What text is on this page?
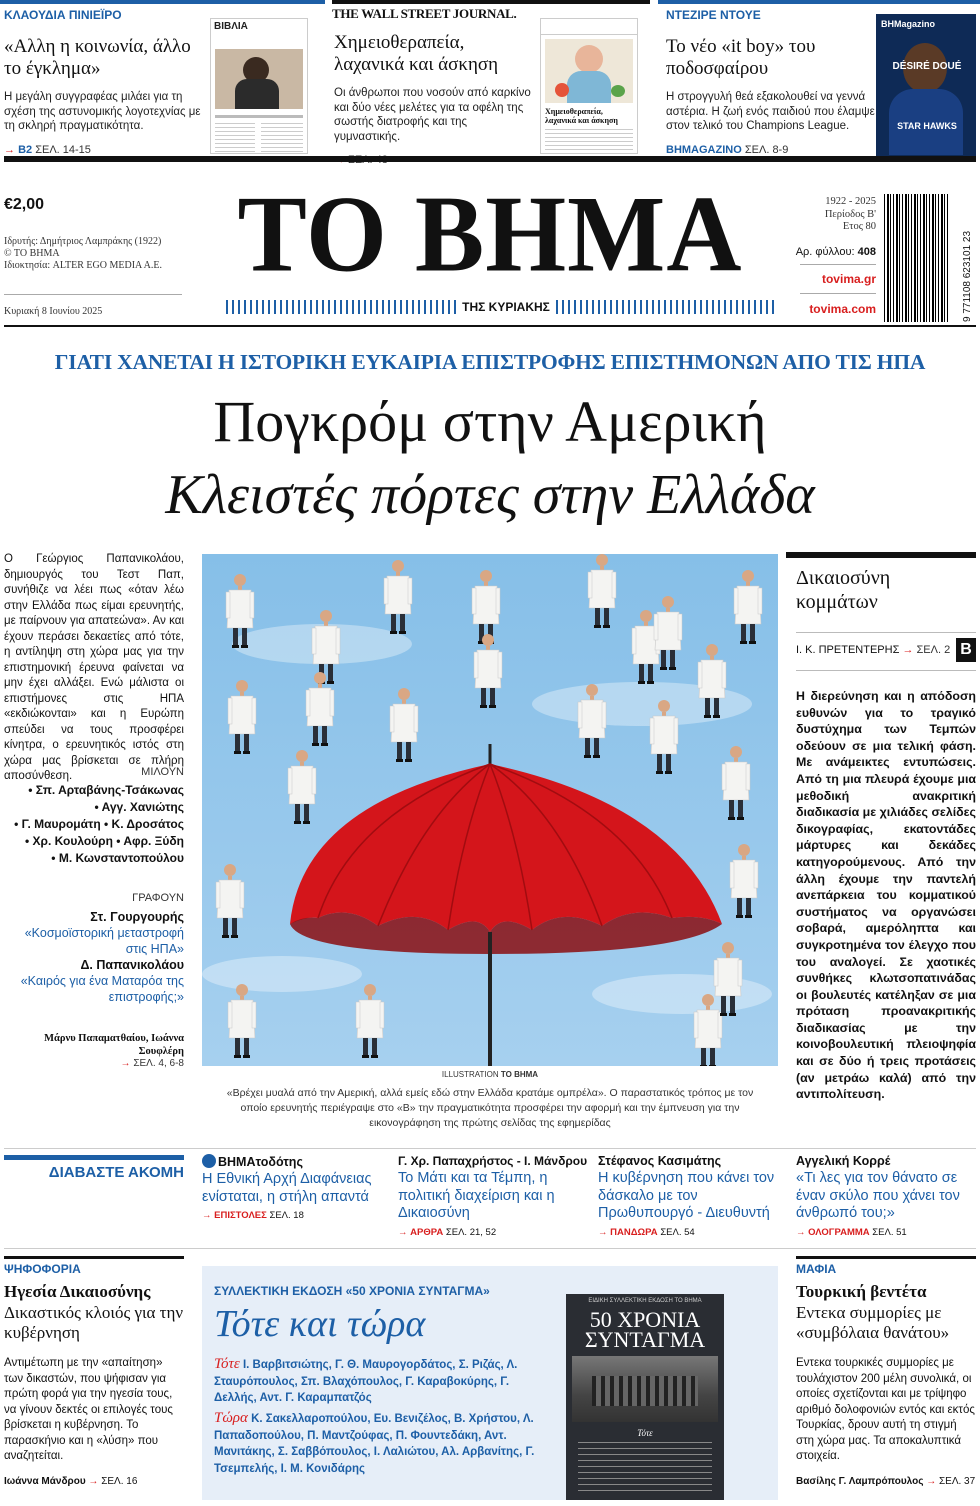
ΚΛΑΟΥΔΙΑ ΠΙΝΙΕΪΡΟ
«Αλλη η κοινωνία, άλλο το έγκλημα»
Η μεγάλη συγγραφέας μιλάει για τη σχέση της αστυνομικής λογοτεχνίας με τη σκληρή πραγματικότητα.
→ Β2 ΣΕΛ. 14-15
ΒΙΒΛΙΑ
THE WALL STREET JOURNAL.
Χημειοθεραπεία, λαχανικά και άσκηση
Οι άνθρωποι που νοσούν από καρκίνο και δύο νέες μελέτες για τα οφέλη της σωστής διατροφής και της γυμναστικής.
Χημειοθεραπεία, λαχανικά και άσκηση
ΝΤΕΖΙΡΕ ΝΤΟΥΕ
Το νέο «it boy» του ποδοσφαίρου
Η στρογγυλή θεά εξακολουθεί να γεννά αστέρια. Η ζωή ενός παιδιού που έλαμψε στον τελικό του Champions League.
BHMAGAZINO ΣΕΛ. 8-9
BHMagazino
DÉSIRÉ DOUÉ
STAR HAWKS
€2,00
Ιδρυτής: Δημήτριος Λαμπράκης (1922)
© ΤΟ ΒΗΜΑ
Ιδιοκτησία: ALTER EGO MEDIA A.E.
Κυριακή 8 Ιουνίου 2025
ΤΟ ΒΗΜΑ
ΤΗΣ ΚΥΡΙΑΚΗΣ
1922 - 2025
Περίοδος Β'
Ετος 80
Αρ. φύλλου: 408
tovima.gr
tovima.com	9 771108 623101 23
ΓΙΑΤΙ ΧΑΝΕΤΑΙ Η ΙΣΤΟΡΙΚΗ ΕΥΚΑΙΡΙΑ ΕΠΙΣΤΡΟΦΗΣ ΕΠΙΣΤΗΜΟΝΩΝ ΑΠΟ ΤΙΣ ΗΠΑ
Πογκρόμ στην Αμερική
Κλειστές πόρτες στην Ελλάδα
Ο Γεώργιος Παπανικολάου, δημιουργός του Τεστ Παπ, συνήθιζε να λέει πως «όταν λέω στην Ελλάδα πως είμαι ερευνητής, με παίρνουν για απατεώνα». Αν και έχουν περάσει δεκαετίες από τότε, η αντίληψη στη χώρα μας για την επιστημονική έρευνα φαίνεται να μην έχει αλλάξει. Ενώ μάλιστα οι επιστήμονες στις ΗΠΑ «εκδιώκονται» και η Ευρώπη σπεύδει να τους προσφέρει κίνητρα, ο ερευνητικός ιστός στη χώρα μας βρίσκεται σε πλήρη αποσύνθεση.	ΜΙΛΟΥΝ
• Σπ. Αρταβάνης-Τσάκωνας
• Αγγ. Χανιώτης
• Γ. Μαυρομάτη • Κ. Δροσάτος
• Χρ. Κουλούρη • Αφρ. Ξύδη
• Μ. Κωνσταντοπούλου
ΓΡΑΦΟΥΝ
Στ. Γουργουρής
«Κοσμοϊστορική μεταστροφή στις ΗΠΑ»
Δ. Παπανικολάου
«Καιρός για ένα Ματαρόα της επιστροφής;»
Μάρνυ Παπαματθαίου, Ιωάννα Σουφλέρη
→ ΣΕΛ. 4, 6-8
ILLUSTRATION ΤΟ ΒΗΜΑ
«Βρέχει μυαλά από την Αμερική, αλλά εμείς εδώ στην Ελλάδα κρατάμε ομπρέλα». Ο παραστατικός τρόπος με τον οποίο ερευνητής περιέγραψε στο «Β» την πραγματικότητα προσφέρει την αφορμή και την έμπνευση για την εικονογράφηση της πρώτης σελίδας της εφημερίδας
Δικαιοσύνη κομμάτων
Ι. Κ. ΠΡΕΤΕΝΤΕΡΗΣ → ΣΕΛ. 2 Β
Η διερεύνηση και η απόδοση ευθυνών για το τραγικό δυστύχημα των Τεμπών οδεύουν σε μια τελική φάση. Με ανάμεικτες εντυπώσεις. Από τη μια πλευρά έχουμε μια μεθοδική ανακριτική διαδικασία με χιλιάδες σελίδες δικογραφίας, εκατοντάδες μάρτυρες και δεκάδες κατηγορούμενους. Από την άλλη έχουμε την παντελή ανεπάρκεια του κομματικού συστήματος να οργανώσει σοβαρά, αμερόληπτα και συγκροτημένα τον έλεγχο που του αναλογεί. Σε χαοτικές συνθήκες κλωτσοπατινάδας οι βουλευτές κατέληξαν σε μια πρόταση προανακριτικής διαδικασίας με την κοινοβουλευτική πλειοψηφία και σε δύο ή τρεις προτάσεις (αν μετράω καλά) από την αντιπολίτευση.
ΔΙΑΒΑΣΤΕ ΑΚΟΜΗ
ΒΗΜΑτοδότης
Η Εθνική Αρχή Διαφάνειας ενίσταται, η στήλη απαντά
→ ΕΠΙΣΤΟΛΕΣ ΣΕΛ. 18
Γ. Χρ. Παπαχρήστος - Ι. Μάνδρου
Το Μάτι και τα Τέμπη, η πολιτική διαχείριση και η Δικαιοσύνη
→ ΑΡΘΡΑ ΣΕΛ. 21, 52
Στέφανος Κασιμάτης
Η κυβέρνηση που κάνει τον δάσκαλο με τον Πρωθυπουργό - Διευθυντή
→ ΠΑΝΔΩΡΑ ΣΕΛ. 54
Αγγελική Κορρέ
«Τι λες για τον θάνατο σε έναν σκύλο που χάνει τον άνθρωπό του;»
→ ΟΛΟΓΡΑΜΜΑ ΣΕΛ. 51
ΨΗΦΟΦΟΡΙΑ
Ηγεσία Δικαιοσύνης
Δικαστικός κλοιός για την κυβέρνηση
Αντιμέτωπη με την «απαίτηση» των δικαστών, που ψήφισαν για πρώτη φορά για την ηγεσία τους, να γίνουν δεκτές οι επιλογές τους βρίσκεται η κυβέρνηση. Το παρασκήνιο και η «λύση» που αναζητείται.
Ιωάννα Μάνδρου → ΣΕΛ. 16
ΣΥΛΛΕΚΤΙΚΗ ΕΚΔΟΣΗ «50 ΧΡΟΝΙΑ ΣΥΝΤΑΓΜΑ»
Τότε και τώρα
Τότε Ι. Βαρβιτσιώτης, Γ. Θ. Μαυρογορδάτος, Σ. Ριζάς, Λ. Σταυρόπουλος, Σπ. Βλαχόπουλος, Γ. Καραβοκύρης, Γ. Δελλής, Αντ. Γ. Καραμπατζός
Τώρα Κ. Σακελλαροπούλου, Ευ. Βενιζέλος, Β. Χρήστου, Λ. Παπαδοπούλου, Π. Μαντζούφας, Π. Φουντεδάκη, Αντ. Μανιτάκης, Σ. Σαββόπουλος, Ι. Λαλιώτου, Αλ. Αρβανίτης, Γ. Τσεμπελής, Ι. Μ. Κονιδάρης
ΕΙΔΙΚΗ ΣΥΛΛΕΚΤΙΚΗ ΕΚΔΟΣΗ ΤΟ ΒΗΜΑ
50 ΧΡΟΝΙΑ
ΣΥΝΤΑΓΜΑ
Τότε
ΜΑΦΙΑ
Τουρκική βεντέτα
Εντεκα συμμορίες με «συμβόλαια θανάτου»
Εντεκα τουρκικές συμμορίες με τουλάχιστον 200 μέλη συνολικά, οι οποίες σχετίζονται και με τρίψηφο αριθμό δολοφονιών εντός και εκτός Τουρκίας, δρουν αυτή τη στιγμή στη χώρα μας. Τα αποκαλυπτικά στοιχεία.
Βασίλης Γ. Λαμπρόπουλος → ΣΕΛ. 37
